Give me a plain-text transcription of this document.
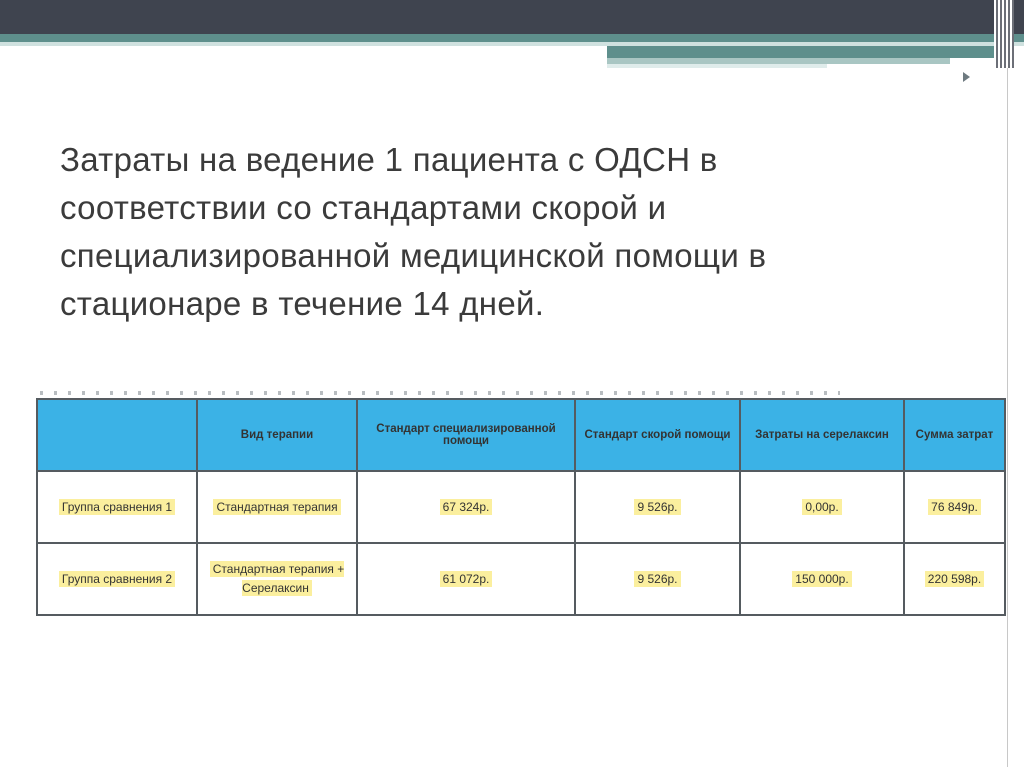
Затраты на ведение 1 пациента с ОДСН в
соответствии со стандартами скорой и
специализированной медицинской помощи в
стационаре в течение 14 дней.
	Вид терапии	Стандарт специализированной помощи	Стандарт скорой помощи	Затраты на серелаксин	Сумма затрат
Группа сравнения 1	Стандартная терапия	67 324р.	9 526р.	0,00р.	76 849р.
Группа сравнения 2	Стандартная терапия + Серелаксин	61 072р.	9 526р.	150 000р.	220 598р.
